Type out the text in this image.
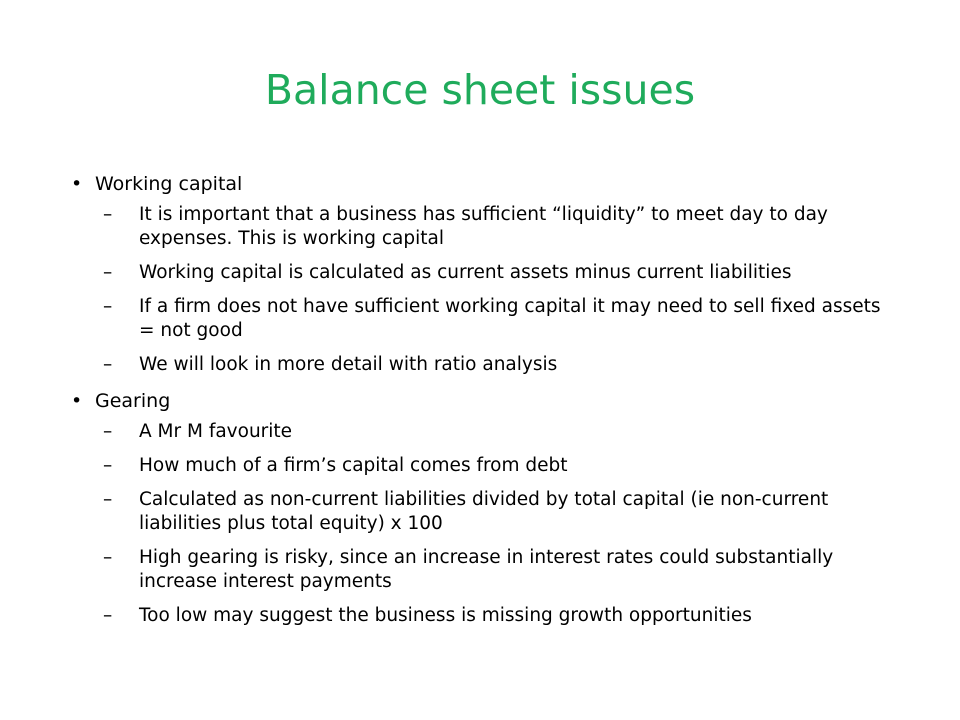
Balance sheet issues
• Working capital
– It is important that a business has sufficient “liquidity” to meet day to day expenses. This is working capital
– Working capital is calculated as current assets minus current liabilities
– If a firm does not have sufficient working capital it may need to sell fixed assets = not good
– We will look in more detail with ratio analysis
• Gearing
– A Mr M favourite
– How much of a firm’s capital comes from debt
– Calculated as non-current liabilities divided by total capital (ie non-current liabilities plus total equity) x 100
– High gearing is risky, since an increase in interest rates could substantially increase interest payments
– Too low may suggest the business is missing growth opportunities
